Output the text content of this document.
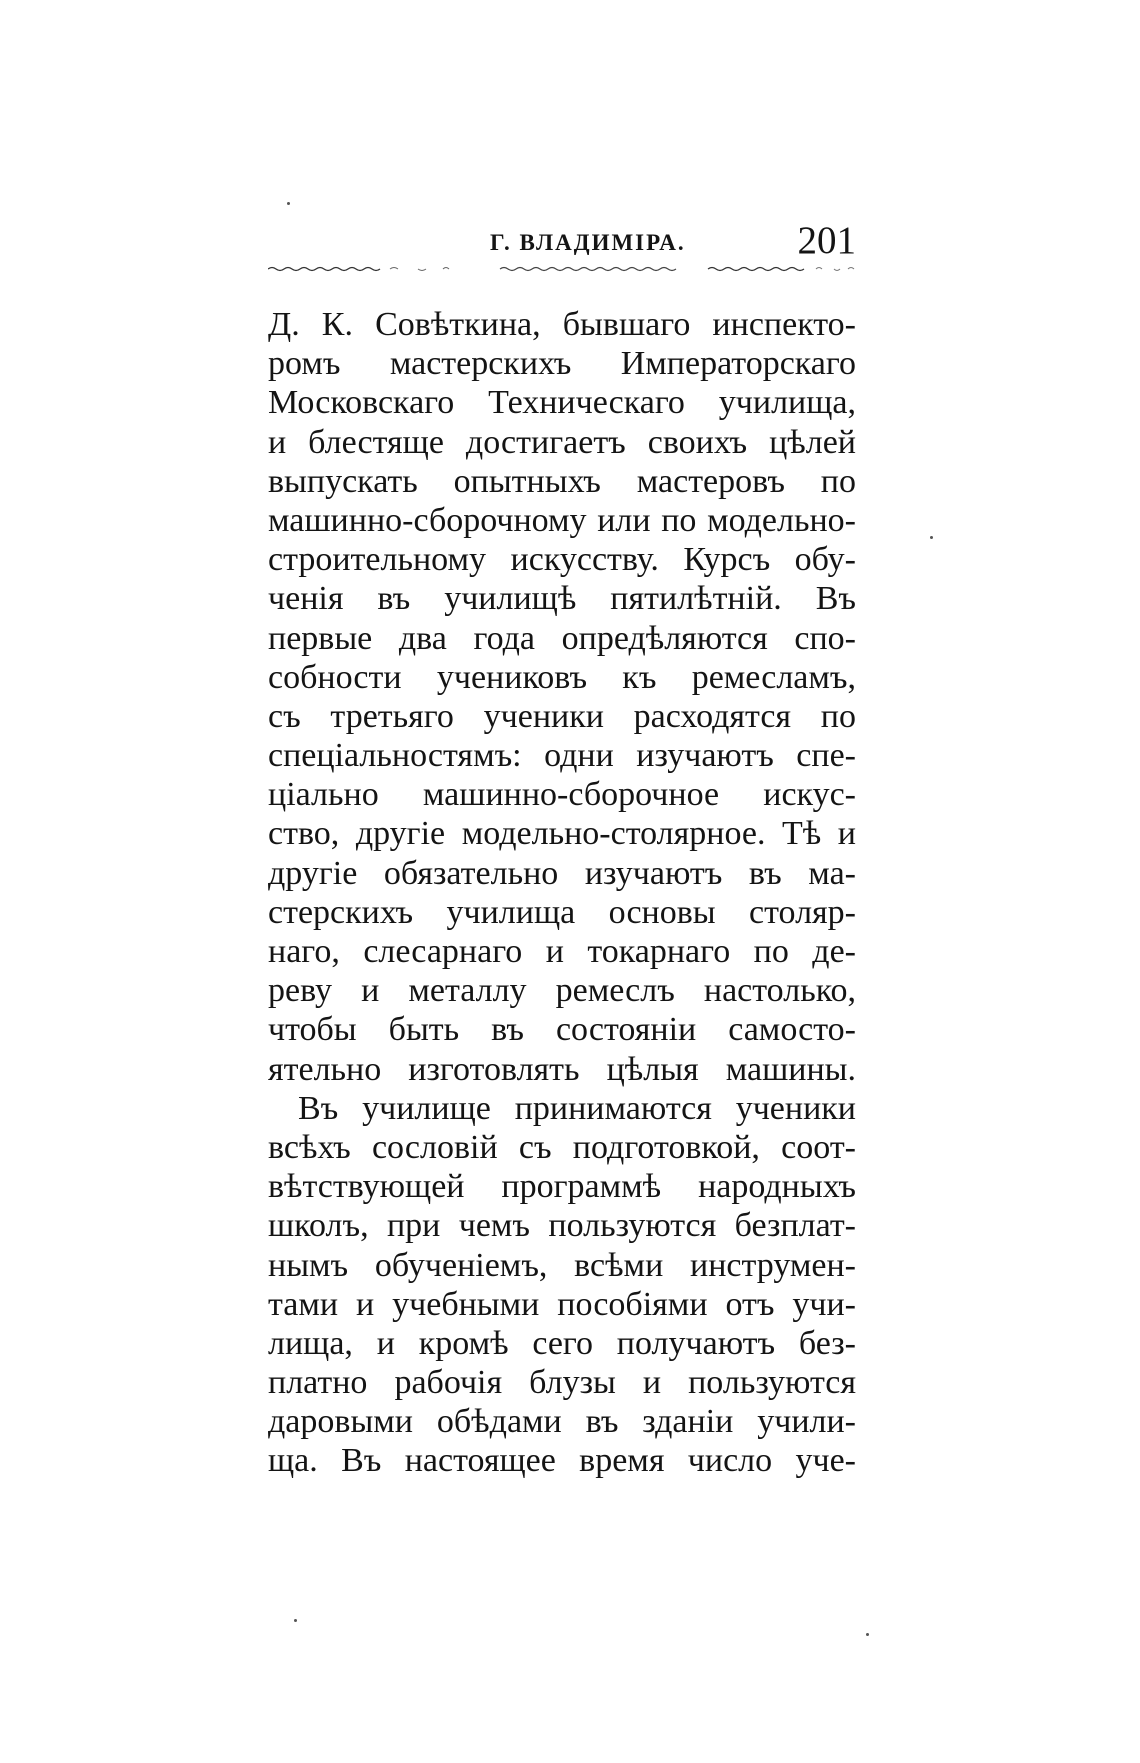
Г. ВЛАДИМІРА.	201
Д. К. Совѣткина, бывшаго инспекто-
ромъ мастерскихъ Императорскаго
Московскаго Техническаго училища,
и блестяще достигаетъ своихъ цѣлей
выпускать опытныхъ мастеровъ по
машинно-сборочному или по модельно-
строительному искусству. Курсъ обу-
ченія въ училищѣ пятилѣтній. Въ
первые два года опредѣляются спо-
собности учениковъ къ ремесламъ,
съ третьяго ученики расходятся по
спеціальностямъ: одни изучаютъ спе-
ціально машинно-сборочное искус-
ство, другіе модельно-столярное. Тѣ и
другіе обязательно изучаютъ въ ма-
стерскихъ училища основы столяр-
наго, слесарнаго и токарнаго по де-
реву и металлу ремеслъ настолько,
чтобы быть въ состояніи самосто-
ятельно изготовлять цѣлыя машины.
Въ училище принимаются ученики
всѣхъ сословій съ подготовкой, соот-
вѣтствующей программѣ народныхъ
школъ, при чемъ пользуются безплат-
нымъ обученіемъ, всѣми инструмен-
тами и учебными пособіями отъ учи-
лища, и кромѣ сего получаютъ без-
платно рабочія блузы и пользуются
даровыми обѣдами въ зданіи учили-
ща. Въ настоящее время число уче-
